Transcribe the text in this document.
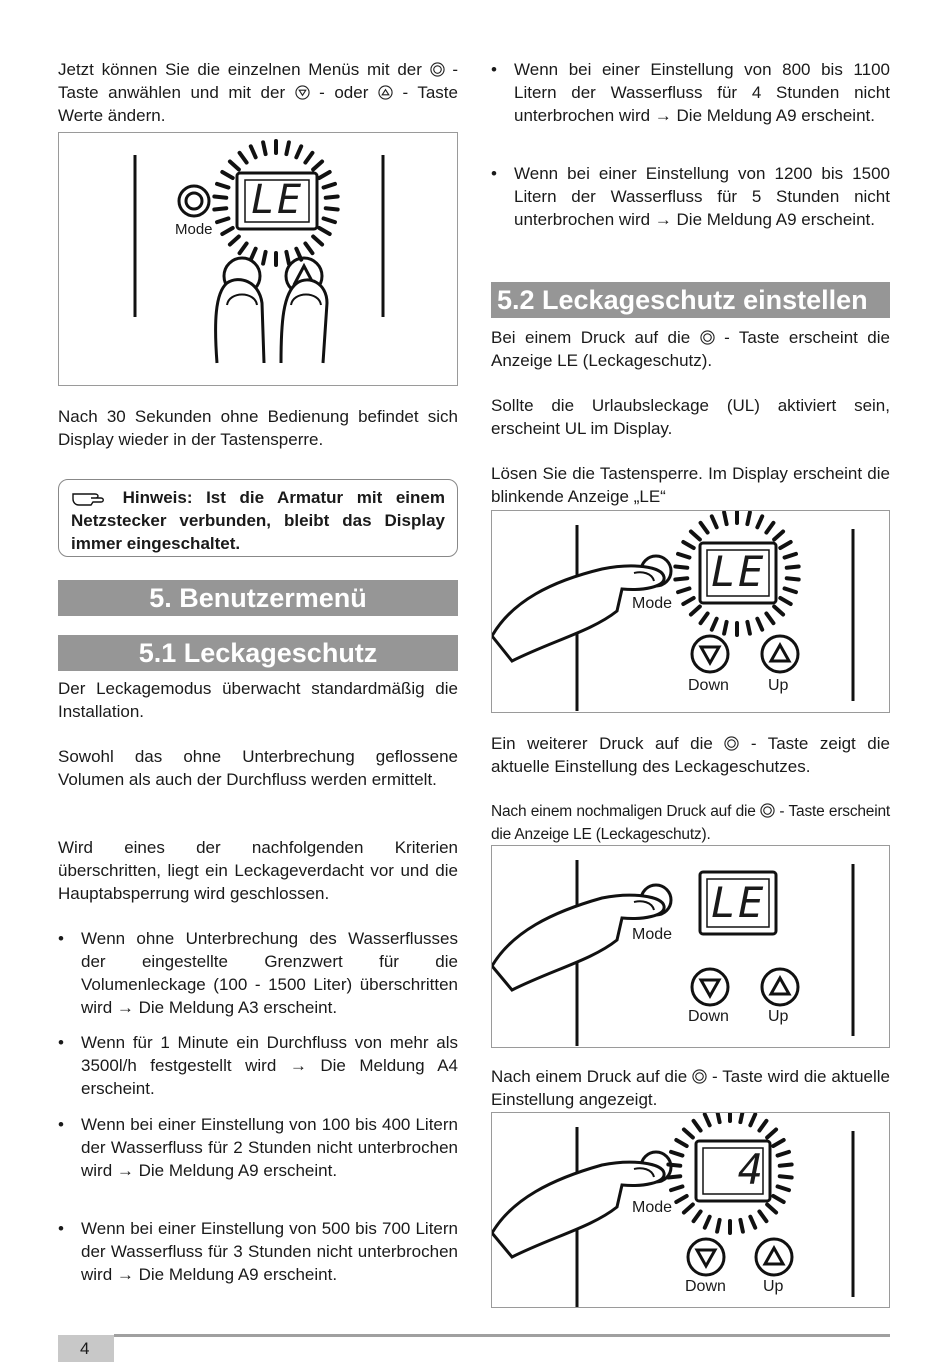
Jetzt können Sie die einzelnen Menüs mit der - Taste anwählen und mit der - oder - Taste Werte ändern.

Mode
LE

Nach 30 Sekunden ohne Bedienung befindet sich Display wieder in der Tastensperre.

Hinweis: Ist die Armatur mit einem Netzstecker verbunden, bleibt das Display immer eingeschaltet.
5. Benutzermenü
5.1 Leckageschutz

Der Leckagemodus überwacht standardmäßig die Installation.

Sowohl das ohne Unterbrechung geflossene Volumen als auch der Durchfluss werden ermittelt.

Wird eines der nachfolgenden Kriterien überschritten, liegt ein Leckageverdacht vor und die Hauptabsperrung wird geschlossen.

• Wenn ohne Unterbrechung des Wasserflusses der eingestellte Grenzwert für die Volumenleckage (100 - 1500 Liter) überschritten wird → Die Meldung A3 erscheint.
• Wenn für 1 Minute ein Durchfluss von mehr als 3500l/h festgestellt wird → Die Meldung A4 erscheint.
• Wenn bei einer Einstellung von 100 bis 400 Litern der Wasserfluss für 2 Stunden nicht unterbrochen wird → Die Meldung A9 erscheint.
• Wenn bei einer Einstellung von 500 bis 700 Litern der Wasserfluss für 3 Stunden nicht unterbrochen wird → Die Meldung A9 erscheint.
• Wenn bei einer Einstellung von 800 bis 1100 Litern der Wasserfluss für 4 Stunden nicht unterbrochen wird → Die Meldung A9 erscheint.
• Wenn bei einer Einstellung von 1200 bis 1500 Litern der Wasserfluss für 5 Stunden nicht unterbrochen wird → Die Meldung A9 erscheint.
5.2 Leckageschutz einstellen

Bei einem Druck auf die - Taste erscheint die Anzeige LE (Leckageschutz).

Sollte die Urlaubsleckage (UL) aktiviert sein, erscheint UL im Display.

Lösen Sie die Tastensperre. Im Display erscheint die blinkende Anzeige „LE“

Mode
LE
Down Up

Ein weiterer Druck auf die - Taste zeigt die aktuelle Einstellung des Leckageschutzes.

Nach einem nochmaligen Druck auf die - Taste erscheint die Anzeige LE (Leckageschutz).

Mode
LE
Down Up

Nach einem Druck auf die - Taste wird die aktuelle Einstellung angezeigt.

Mode
4
Down Up
4
